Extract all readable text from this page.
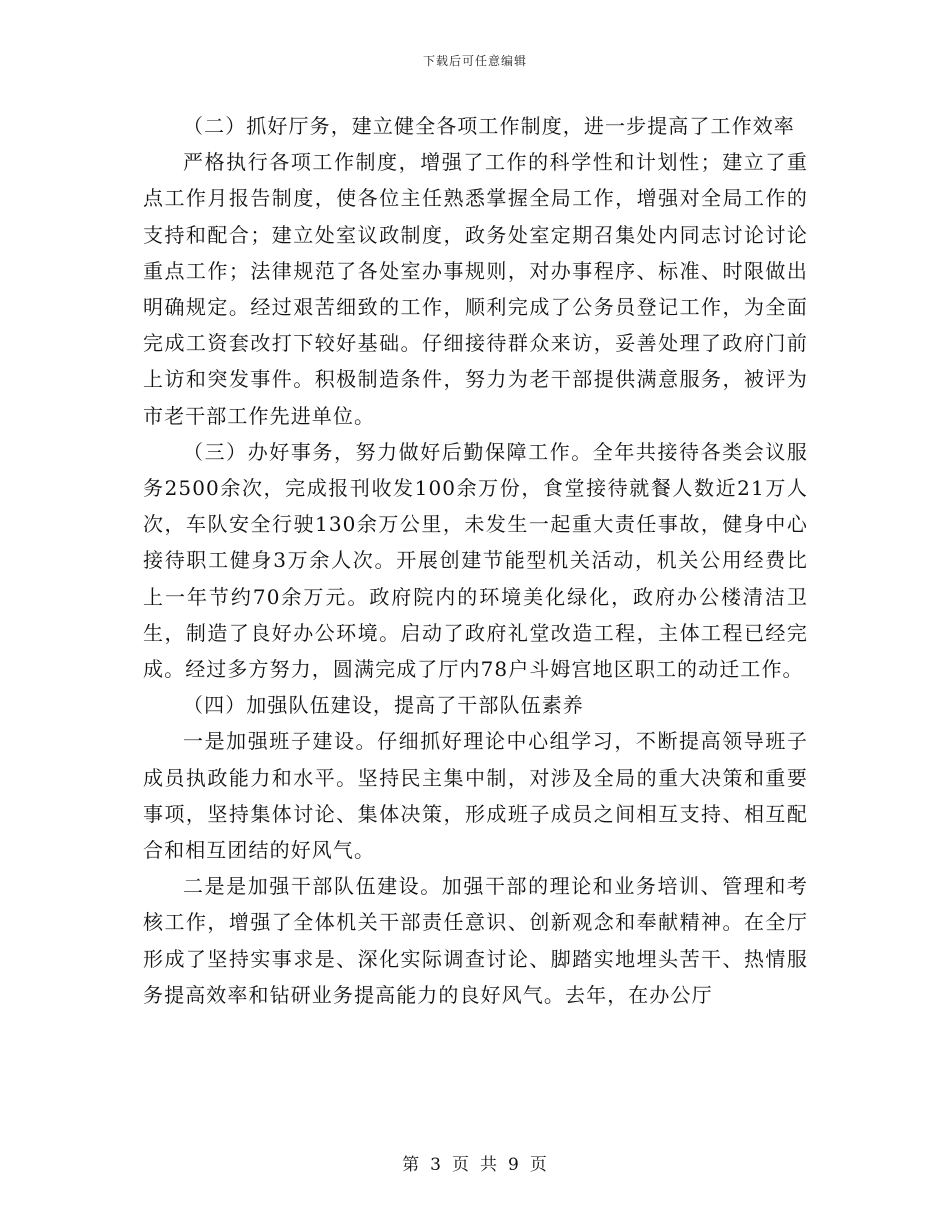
下载后可任意编辑

（二）抓好厅务，建立健全各项工作制度，进一步提高了工作效率

严格执行各项工作制度，增强了工作的科学性和计划性；建立了重点工作月报告制度，使各位主任熟悉掌握全局工作，增强对全局工作的支持和配合；建立处室议政制度，政务处室定期召集处内同志讨论讨论重点工作；法律规范了各处室办事规则，对办事程序、标准、时限做出明确规定。经过艰苦细致的工作，顺利完成了公务员登记工作，为全面完成工资套改打下较好基础。仔细接待群众来访，妥善处理了政府门前上访和突发事件。积极制造条件，努力为老干部提供满意服务，被评为市老干部工作先进单位。

（三）办好事务，努力做好后勤保障工作。全年共接待各类会议服务2500余次，完成报刊收发100余万份，食堂接待就餐人数近21万人次，车队安全行驶130余万公里，未发生一起重大责任事故，健身中心接待职工健身3万余人次。开展创建节能型机关活动，机关公用经费比上一年节约70余万元。政府院内的环境美化绿化，政府办公楼清洁卫生，制造了良好办公环境。启动了政府礼堂改造工程，主体工程已经完成。经过多方努力，圆满完成了厅内78户斗姆宫地区职工的动迁工作。

（四）加强队伍建设，提高了干部队伍素养

一是加强班子建设。仔细抓好理论中心组学习，不断提高领导班子成员执政能力和水平。坚持民主集中制，对涉及全局的重大决策和重要事项，坚持集体讨论、集体决策，形成班子成员之间相互支持、相互配合和相互团结的好风气。

二是是加强干部队伍建设。加强干部的理论和业务培训、管理和考核工作，增强了全体机关干部责任意识、创新观念和奉献精神。在全厅形成了坚持实事求是、深化实际调查讨论、脚踏实地埋头苦干、热情服务提高效率和钻研业务提高能力的良好风气。去年，在办公厅

第 3 页 共 9 页
